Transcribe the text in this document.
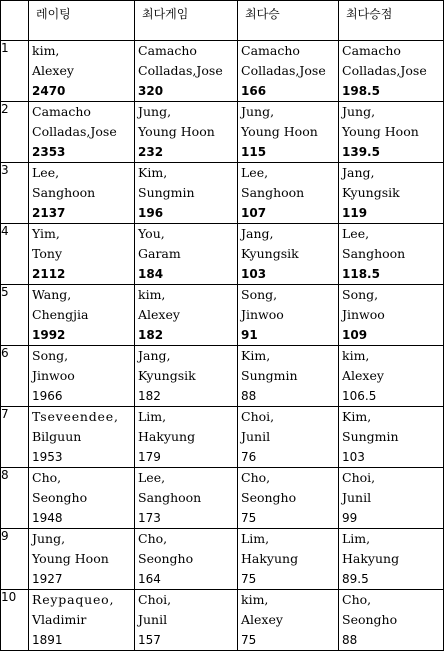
	레이팅	최다게임	최다승	최다승점
1	kim,
Alexey
2470	Camacho
Colladas,Jose
320	Camacho
Colladas,Jose
166	Camacho
Colladas,Jose
198.5

2	Camacho
Colladas,Jose
2353	Jung,
Young Hoon
232	Jung,
Young Hoon
115	Jung,
Young Hoon
139.5

3	Lee,
Sanghoon
2137	Kim,
Sungmin
196	Lee,
Sanghoon
107	Jang,
Kyungsik
119

4	Yim,
Tony
2112	You,
Garam
184	Jang,
Kyungsik
103	Lee,
Sanghoon
118.5

5	Wang,
Chengjia
1992	kim,
Alexey
182	Song,
Jinwoo
91	Song,
Jinwoo
109

6	Song,
Jinwoo
1966	Jang,
Kyungsik
182	Kim,
Sungmin
88	kim,
Alexey
106.5

7	Tseveendee,
Bilguun
1953	Lim,
Hakyung
179	Choi,
Junil
76	Kim,
Sungmin
103

8	Cho,
Seongho
1948	Lee,
Sanghoon
173	Cho,
Seongho
75	Choi,
Junil
99

9	Jung,
Young Hoon
1927	Cho,
Seongho
164	Lim,
Hakyung
75	Lim,
Hakyung
89.5

10	Reypaqueo,
Vladimir
1891	Choi,
Junil
157	kim,
Alexey
75	Cho,
Seongho
88
